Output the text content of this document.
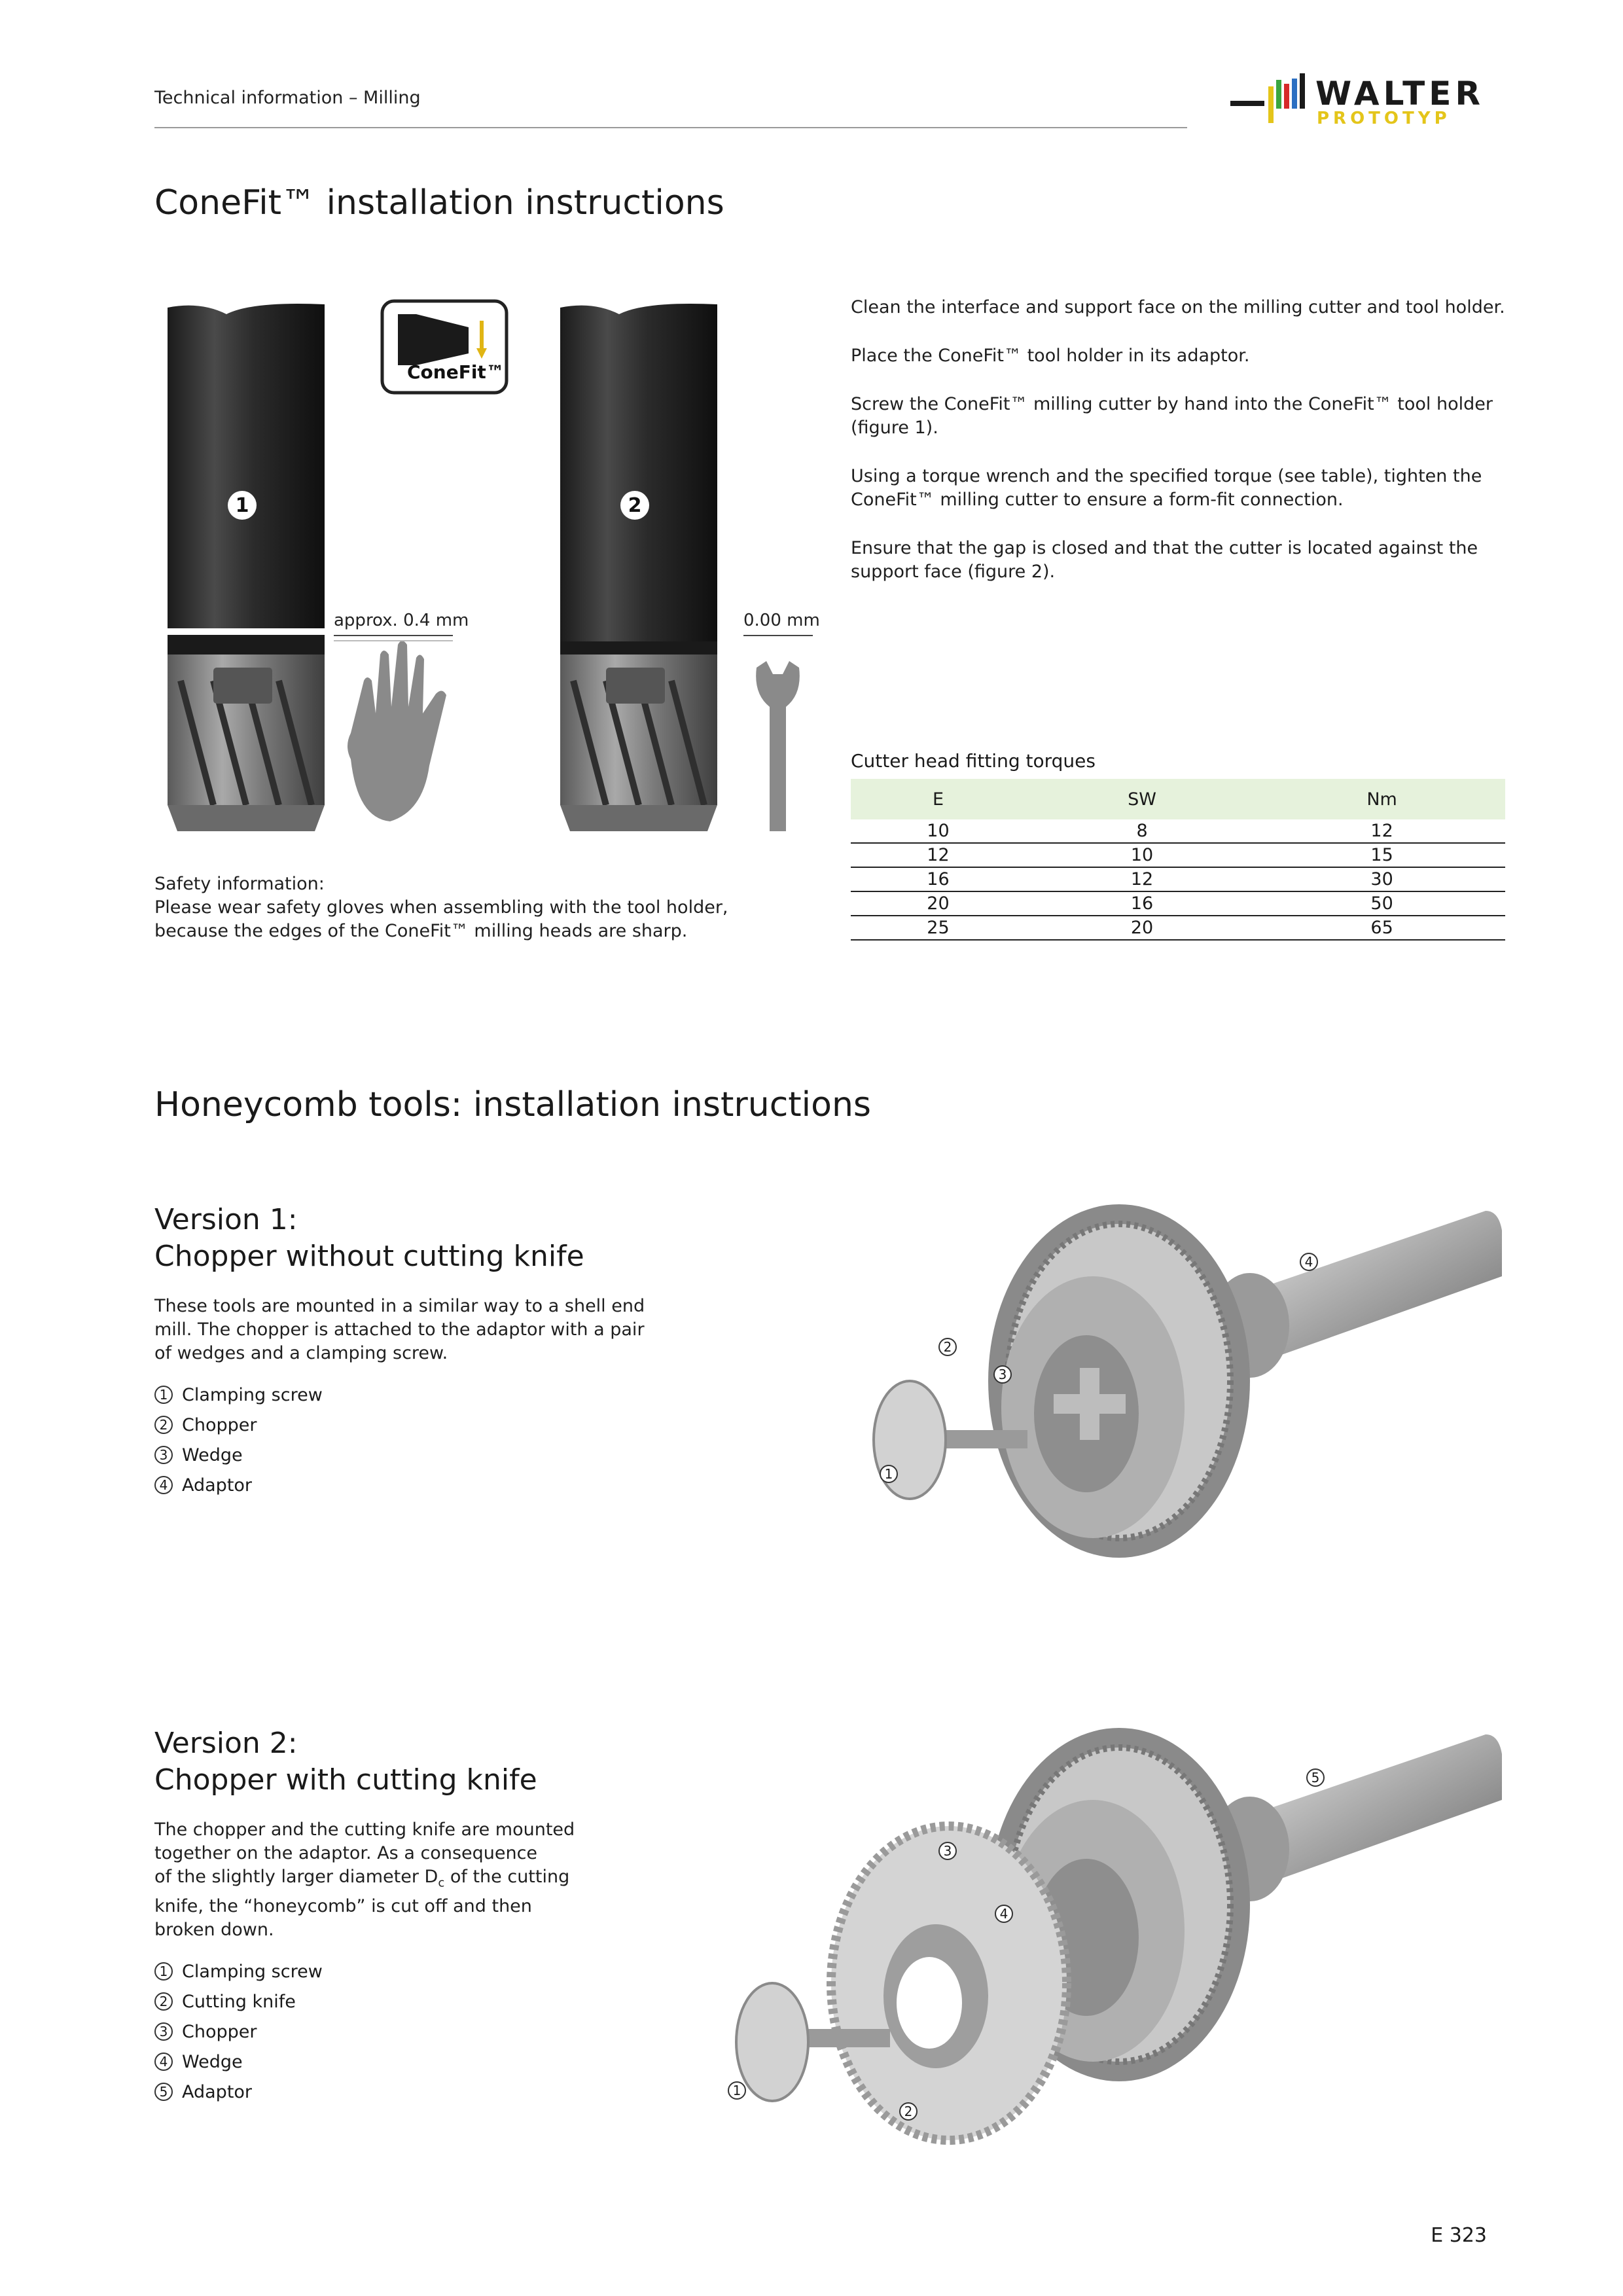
Technical information – Milling	WALTER
PROTOTYP
ConeFit™ installation instructions
1	2
ConeFit™
approx. 0.4 mm	0.00 mm

Clean the interface and support face on the milling cutter and tool holder.

Place the ConeFit™ tool holder in its adaptor.

Screw the ConeFit™ milling cutter by hand into the ConeFit™ tool holder (figure 1).

Using a torque wrench and the specified torque (see table), tighten the ConeFit™ milling cutter to ensure a form-fit connection.

Ensure that the gap is closed and that the cutter is located against the support face (figure 2).

Safety information:
Please wear safety gloves when assembling with the tool holder,
because the edges of the ConeFit™ milling heads are sharp.
Cutter head fitting torques
E	SW	Nm
10	8	12
12	10	15
16	12	30
20	16	50
25	20	65
Honeycomb tools: installation instructions
Version 1:
Chopper without cutting knife
These tools are mounted in a similar way to a shell end
mill. The chopper is attached to the adaptor with a pair
of wedges and a clamping screw.
1 Clamping screw
2 Chopper
3 Wedge
4 Adaptor
4
2
3
1
Version 2:
Chopper with cutting knife
The chopper and the cutting knife are mounted
together on the adaptor. As a consequence
of the slightly larger diameter $D_c$ of the cutting
knife, the “honeycomb” is cut off and then
broken down.
1 Clamping screw
2 Cutting knife
3 Chopper
4 Wedge
5 Adaptor
5
3
4
1
2
E 323
